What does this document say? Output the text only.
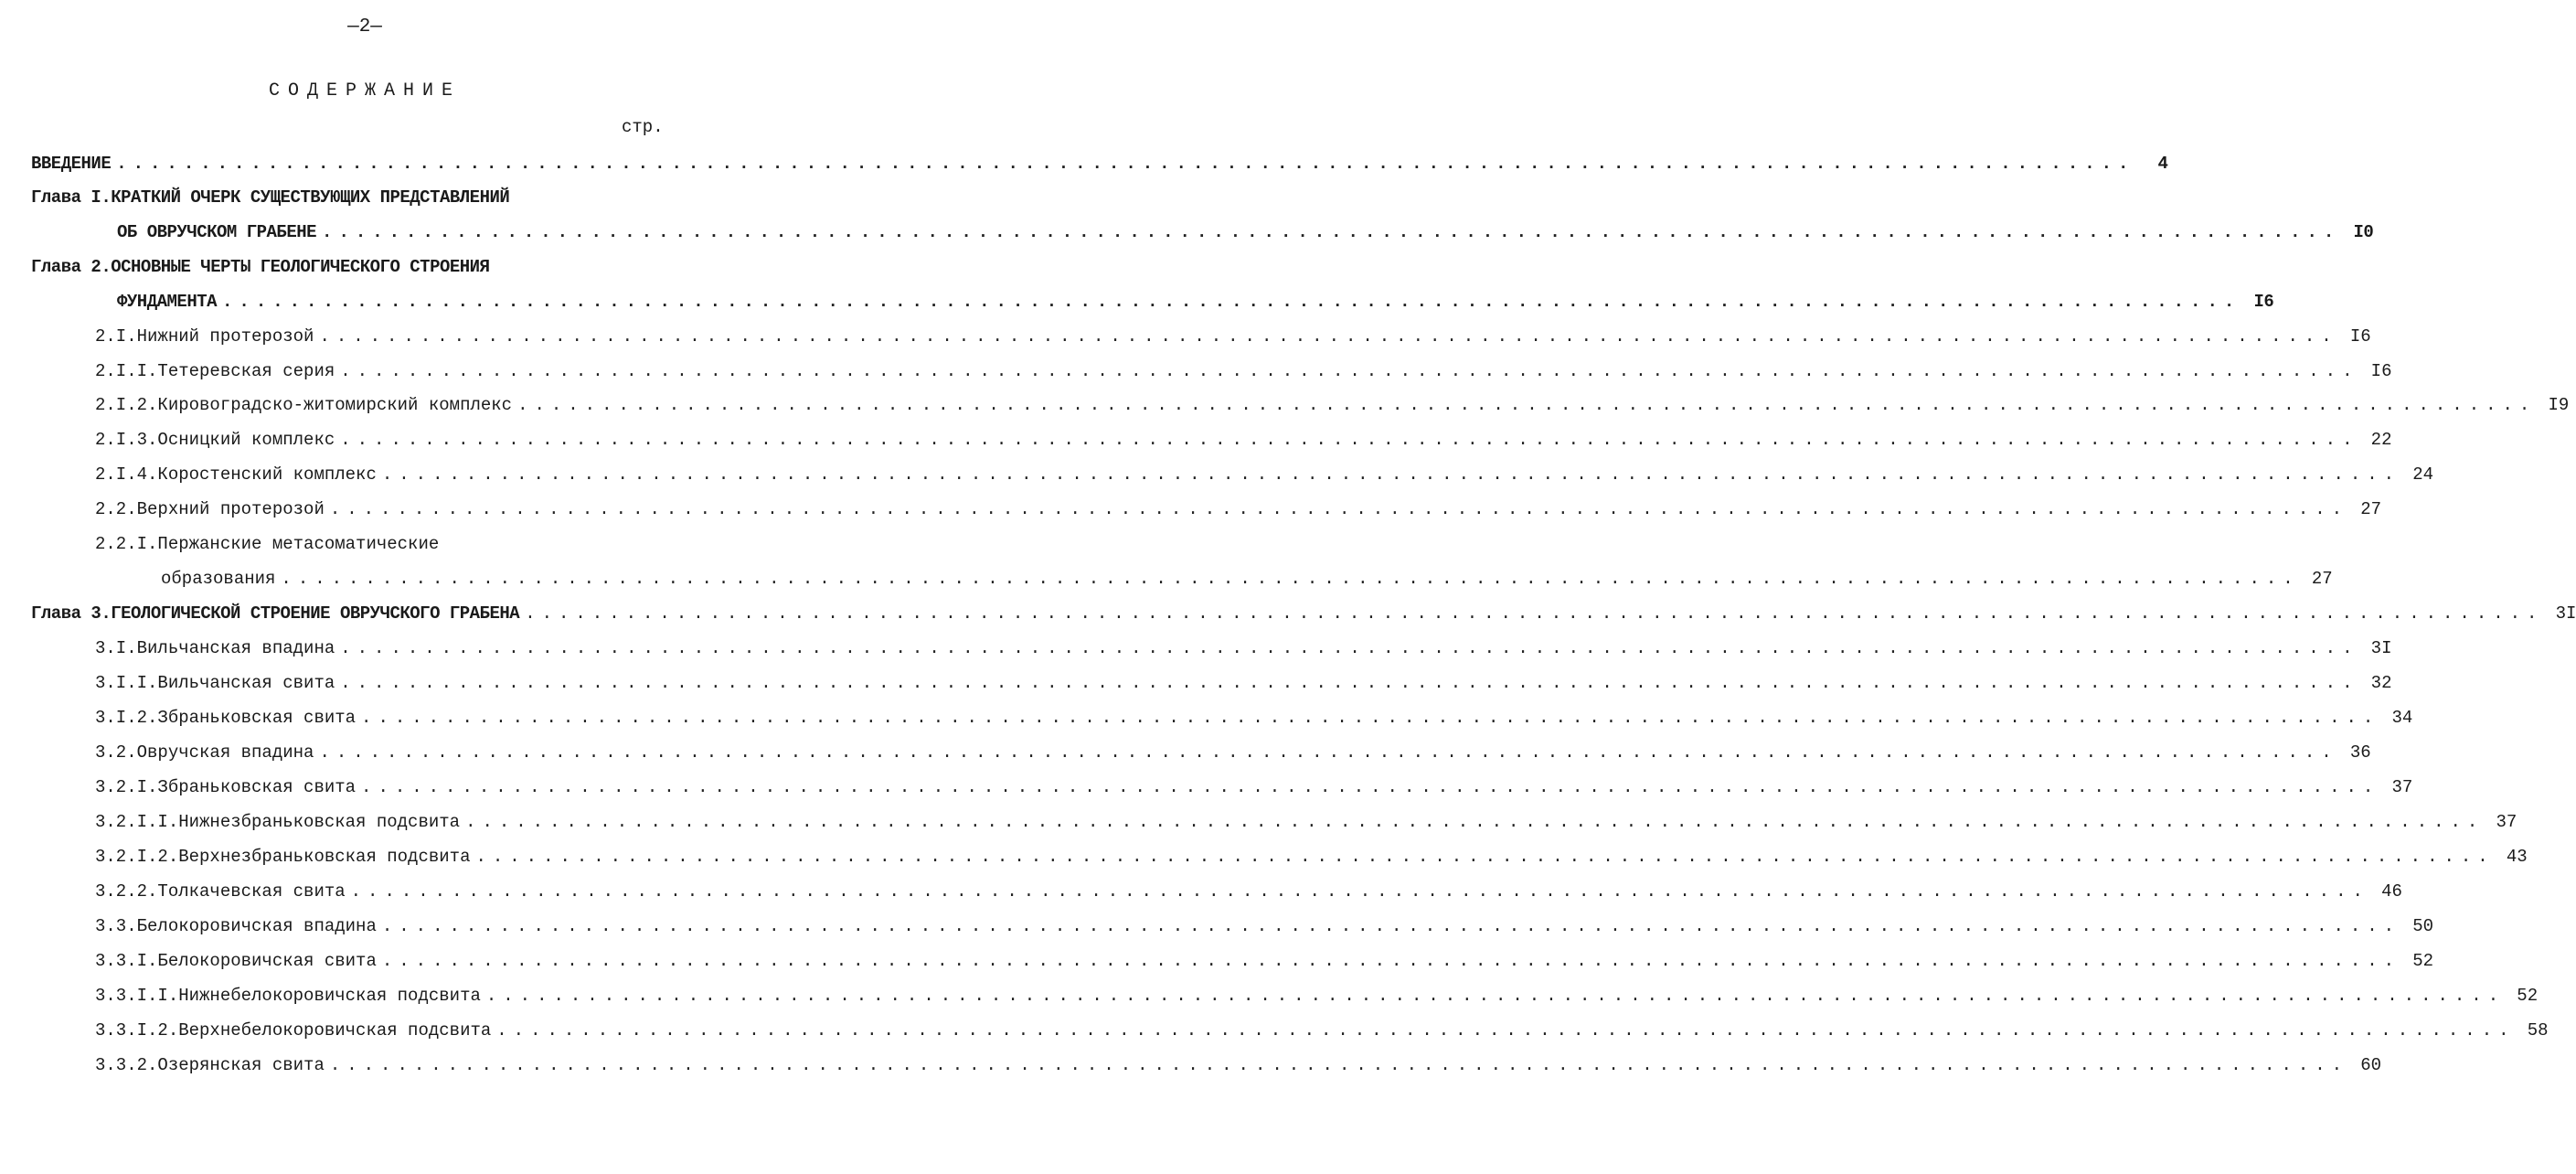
—2—
СОДЕРЖАНИЕ
стр.
ВВЕДЕНИЕ ........................................................................................................................	4
Глава I.КРАТКИЙ ОЧЕРК СУЩЕСТВУЮЩИХ ПРЕДСТАВЛЕНИЙ
ОБ ОВРУЧСКОМ ГРАБЕНЕ ........................................................................................................................ I0
Глава 2.ОСНОВНЫЕ ЧЕРТЫ ГЕОЛОГИЧЕСКОГО СТРОЕНИЯ
ФУНДАМЕНТА ........................................................................................................................ I6
2.I.Нижний протерозой ........................................................................................................................ I6
2.I.I.Тетеревская серия ........................................................................................................................ I6
2.I.2.Кировоградско-житомирский комплекс ........................................................................................................................ I9
2.I.3.Осницкий комплекс ........................................................................................................................ 22
2.I.4.Коростенский комплекс ........................................................................................................................ 24
2.2.Верхний протерозой ........................................................................................................................ 27
2.2.I.Пержанские метасоматические
образования ........................................................................................................................ 27
Глава 3.ГЕОЛОГИЧЕСКОЙ СТРОЕНИЕ ОВРУЧСКОГО ГРАБЕНА ........................................................................................................................ 3I
3.I.Вильчанская впадина ........................................................................................................................ 3I
3.I.I.Вильчанская свита ........................................................................................................................ 32
3.I.2.Збраньковская свита ........................................................................................................................ 34
3.2.Овручская впадина ........................................................................................................................ 36
3.2.I.Збраньковская свита ........................................................................................................................ 37
3.2.I.I.Нижнезбраньковская подсвита ........................................................................................................................ 37
3.2.I.2.Верхнезбраньковская подсвита ........................................................................................................................ 43
3.2.2.Толкачевская свита ........................................................................................................................ 46
3.3.Белокоровичская впадина ........................................................................................................................ 50
3.3.I.Белокоровичская свита ........................................................................................................................ 52
3.3.I.I.Нижнебелокоровичская подсвита ........................................................................................................................ 52
3.3.I.2.Верхнебелокоровичская подсвита ........................................................................................................................ 58
3.3.2.Озерянская свита ........................................................................................................................ 60
